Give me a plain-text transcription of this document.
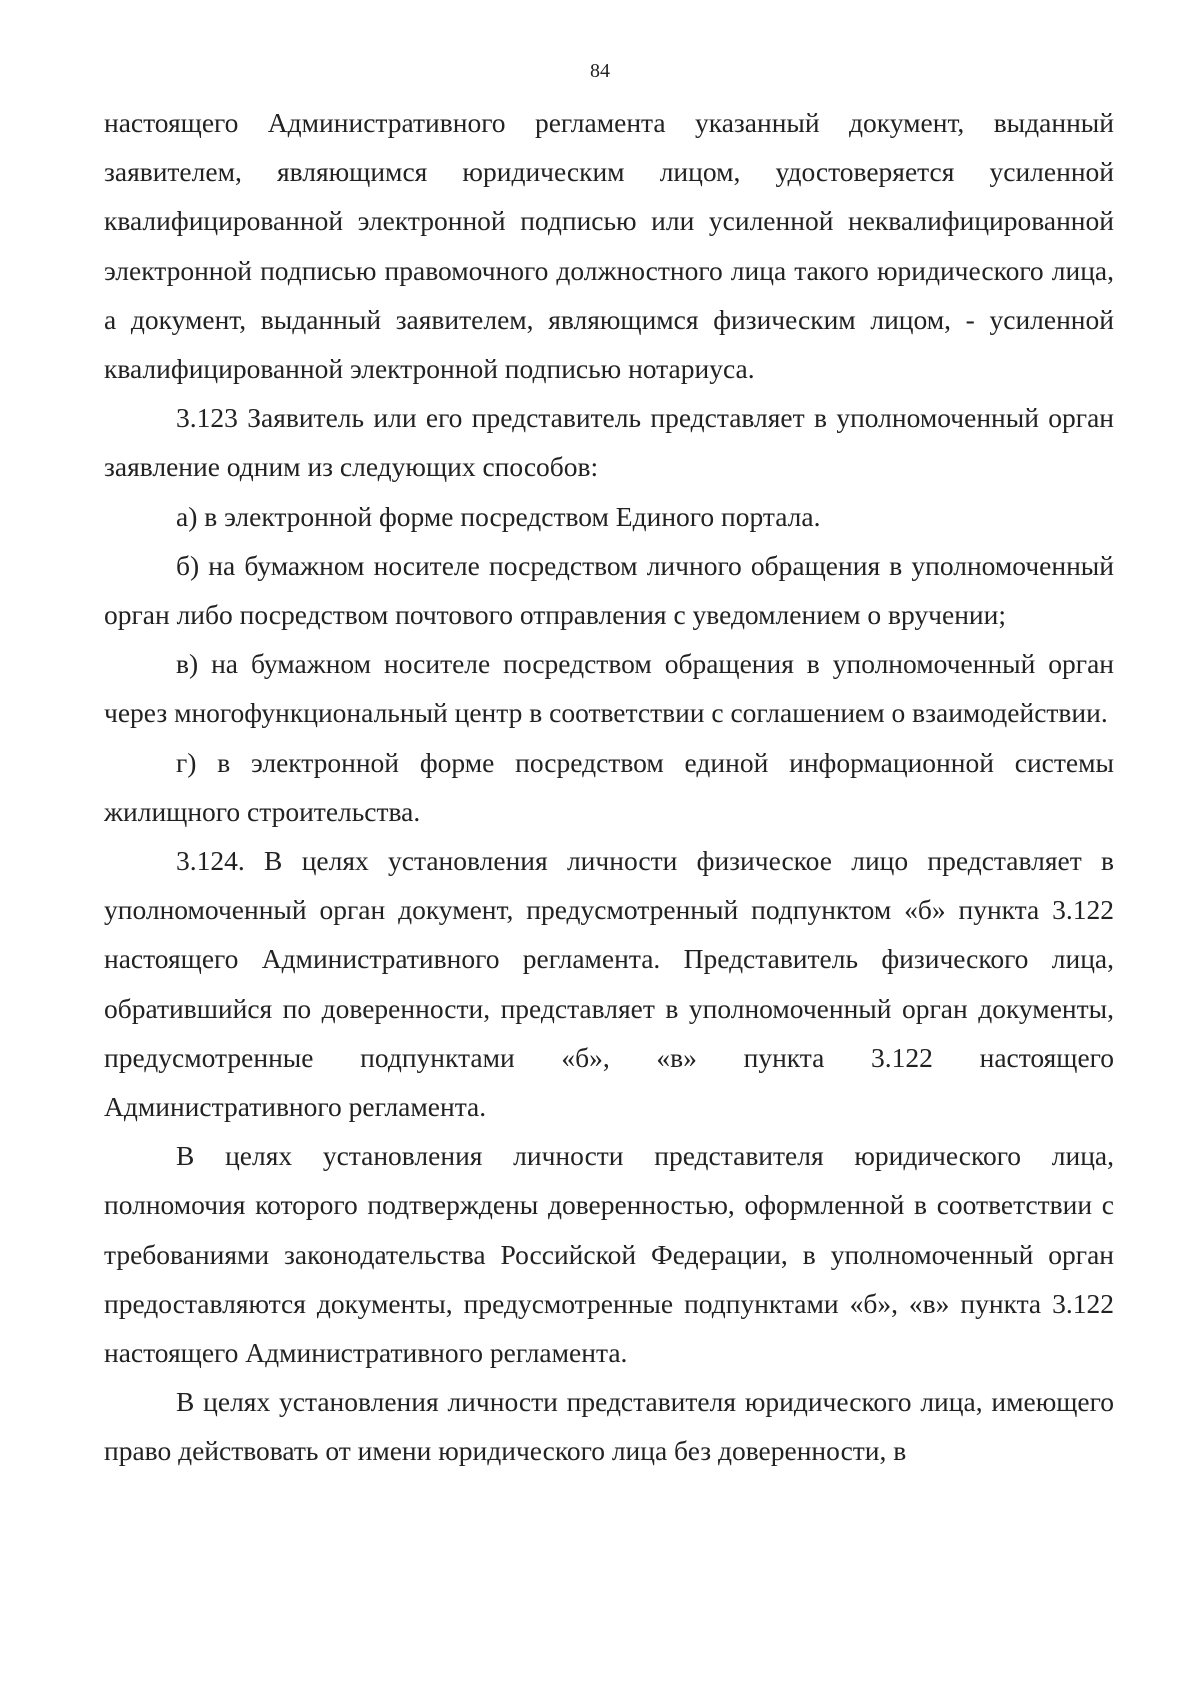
84

настоящего Административного регламента указанный документ, выданный заявителем, являющимся юридическим лицом, удостоверяется усиленной квалифицированной электронной подписью или усиленной неквалифицированной электронной подписью правомочного должностного лица такого юридического лица, а документ, выданный заявителем, являющимся физическим лицом, - усиленной квалифицированной электронной подписью нотариуса.

3.123 Заявитель или его представитель представляет в уполномоченный орган заявление одним из следующих способов:

а) в электронной форме посредством Единого портала.

б) на бумажном носителе посредством личного обращения в уполномоченный орган либо посредством почтового отправления с уведомлением о вручении;

в) на бумажном носителе посредством обращения в уполномоченный орган через многофункциональный центр в соответствии с соглашением о взаимодействии.

г) в электронной форме посредством единой информационной системы жилищного строительства.

3.124. В целях установления личности физическое лицо представляет в уполномоченный орган документ, предусмотренный подпунктом «б» пункта 3.122 настоящего Административного регламента. Представитель физического лица, обратившийся по доверенности, представляет в уполномоченный орган документы, предусмотренные подпунктами «б», «в» пункта 3.122 настоящего Административного регламента.

В целях установления личности представителя юридического лица, полномочия которого подтверждены доверенностью, оформленной в соответствии с требованиями законодательства Российской Федерации, в уполномоченный орган предоставляются документы, предусмотренные подпунктами «б», «в» пункта 3.122 настоящего Административного регламента.

В целях установления личности представителя юридического лица, имеющего право действовать от имени юридического лица без доверенности, в
